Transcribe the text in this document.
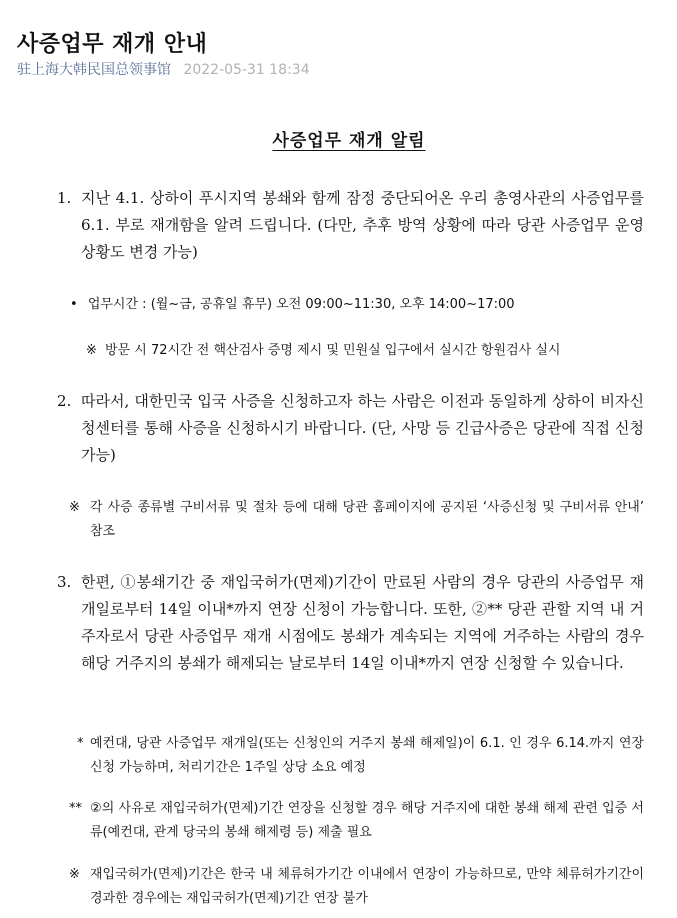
사증업무 재개 안내
驻上海大韩民国总领事馆 2022-05-31 18:34
사증업무 재개 알림
1. 지난 4.1. 상하이 푸시지역 봉쇄와 함께 잠정 중단되어온 우리 총영사관의 사증업무를 6.1. 부로 재개함을 알려 드립니다. (다만, 추후 방역 상황에 따라 당관 사증업무 운영 상황도 변경 가능)
• 업무시간 : (월~금, 공휴일 휴무) 오전 09:00~11:30, 오후 14:00~17:00
※ 방문 시 72시간 전 핵산검사 증명 제시 및 민원실 입구에서 실시간 항원검사 실시
2. 따라서, 대한민국 입국 사증을 신청하고자 하는 사람은 이전과 동일하게 상하이 비자신청센터를 통해 사증을 신청하시기 바랍니다. (단, 사망 등 긴급사증은 당관에 직접 신청 가능)
※ 각 사증 종류별 구비서류 및 절차 등에 대해 당관 홈페이지에 공지된 ‘사증신청 및 구비서류 안내’ 참조
3. 한편, ①봉쇄기간 중 재입국허가(면제)기간이 만료된 사람의 경우 당관의 사증업무 재개일로부터 14일 이내*까지 연장 신청이 가능합니다. 또한, ②** 당관 관할 지역 내 거주자로서 당관 사증업무 재개 시점에도 봉쇄가 계속되는 지역에 거주하는 사람의 경우 해당 거주지의 봉쇄가 해제되는 날로부터 14일 이내*까지 연장 신청할 수 있습니다.
* 예컨대, 당관 사증업무 재개일(또는 신청인의 거주지 봉쇄 해제일)이 6.1. 인 경우 6.14.까지 연장 신청 가능하며, 처리기간은 1주일 상당 소요 예정
** ②의 사유로 재입국허가(면제)기간 연장을 신청할 경우 해당 거주지에 대한 봉쇄 해제 관련 입증 서류(예컨대, 관계 당국의 봉쇄 해제령 등) 제출 필요
※ 재입국허가(면제)기간은 한국 내 체류허가기간 이내에서 연장이 가능하므로, 만약 체류허가기간이 경과한 경우에는 재입국허가(면제)기간 연장 불가
